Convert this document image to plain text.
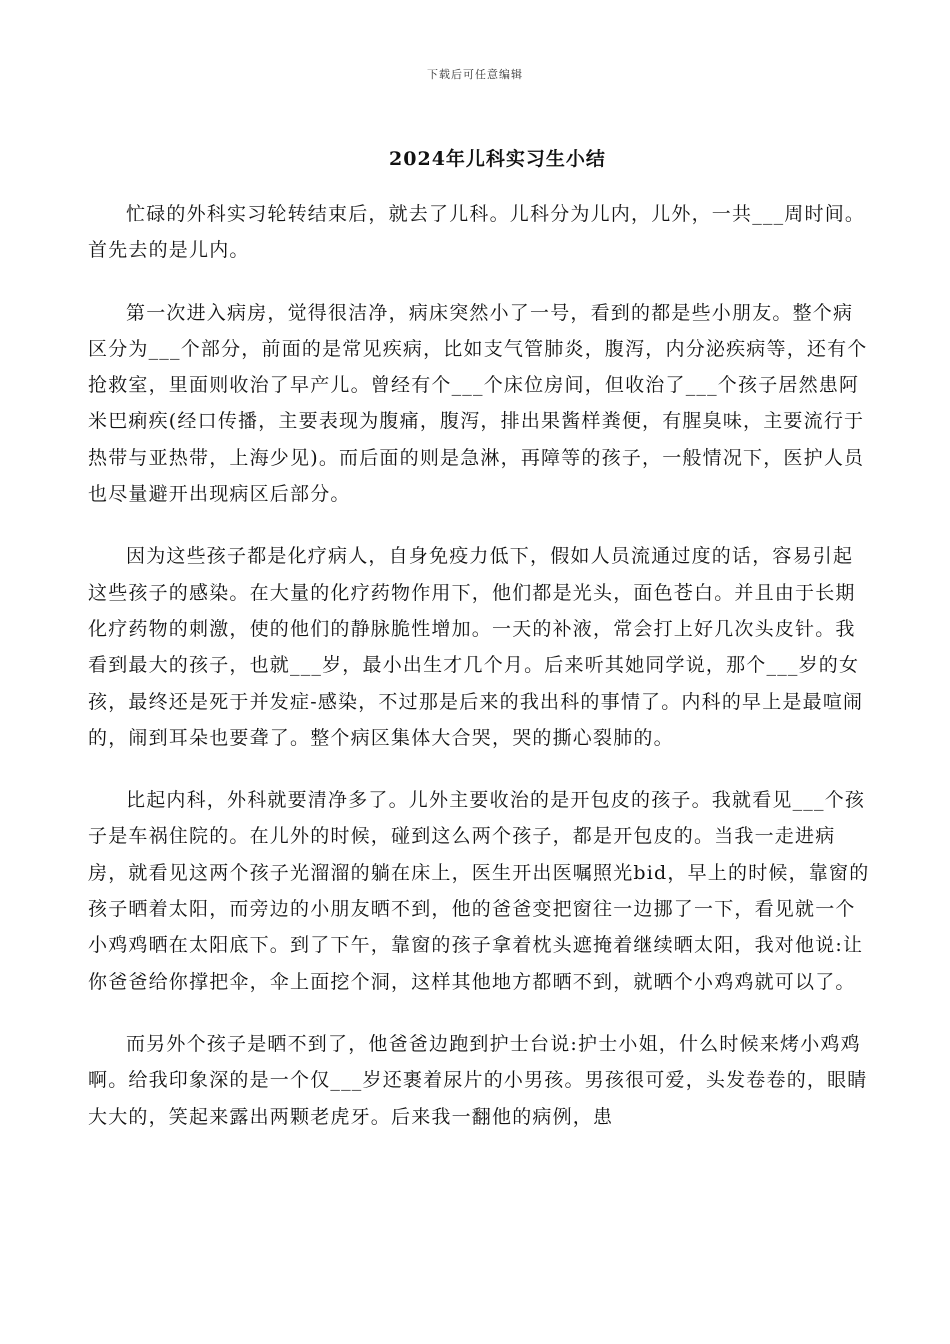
下载后可任意编辑
2024年儿科实习生小结

忙碌的外科实习轮转结束后，就去了儿科。儿科分为儿内，儿外，一共___周时间。首先去的是儿内。

第一次进入病房，觉得很洁净，病床突然小了一号，看到的都是些小朋友。整个病区分为___个部分，前面的是常见疾病，比如支气管肺炎，腹泻，内分泌疾病等，还有个抢救室，里面则收治了早产儿。曾经有个___个床位房间，但收治了___个孩子居然患阿米巴痢疾(经口传播，主要表现为腹痛，腹泻，排出果酱样粪便，有腥臭味，主要流行于热带与亚热带，上海少见)。而后面的则是急淋，再障等的孩子，一般情况下，医护人员也尽量避开出现病区后部分。

因为这些孩子都是化疗病人，自身免疫力低下，假如人员流通过度的话，容易引起这些孩子的感染。在大量的化疗药物作用下，他们都是光头，面色苍白。并且由于长期化疗药物的刺激，使的他们的静脉脆性增加。一天的补液，常会打上好几次头皮针。我看到最大的孩子，也就___岁，最小出生才几个月。后来听其她同学说，那个___岁的女孩，最终还是死于并发症-感染，不过那是后来的我出科的事情了。内科的早上是最喧闹的，闹到耳朵也要聋了。整个病区集体大合哭，哭的撕心裂肺的。

比起内科，外科就要清净多了。儿外主要收治的是开包皮的孩子。我就看见___个孩子是车祸住院的。在儿外的时候，碰到这么两个孩子，都是开包皮的。当我一走进病房，就看见这两个孩子光溜溜的躺在床上，医生开出医嘱照光bid，早上的时候，靠窗的孩子晒着太阳，而旁边的小朋友晒不到，他的爸爸变把窗往一边挪了一下，看见就一个小鸡鸡晒在太阳底下。到了下午，靠窗的孩子拿着枕头遮掩着继续晒太阳，我对他说:让你爸爸给你撑把伞，伞上面挖个洞，这样其他地方都晒不到，就晒个小鸡鸡就可以了。

而另外个孩子是晒不到了，他爸爸边跑到护士台说:护士小姐，什么时候来烤小鸡鸡啊。给我印象深的是一个仅___岁还裹着尿片的小男孩。男孩很可爱，头发卷卷的，眼睛大大的，笑起来露出两颗老虎牙。后来我一翻他的病例，患
